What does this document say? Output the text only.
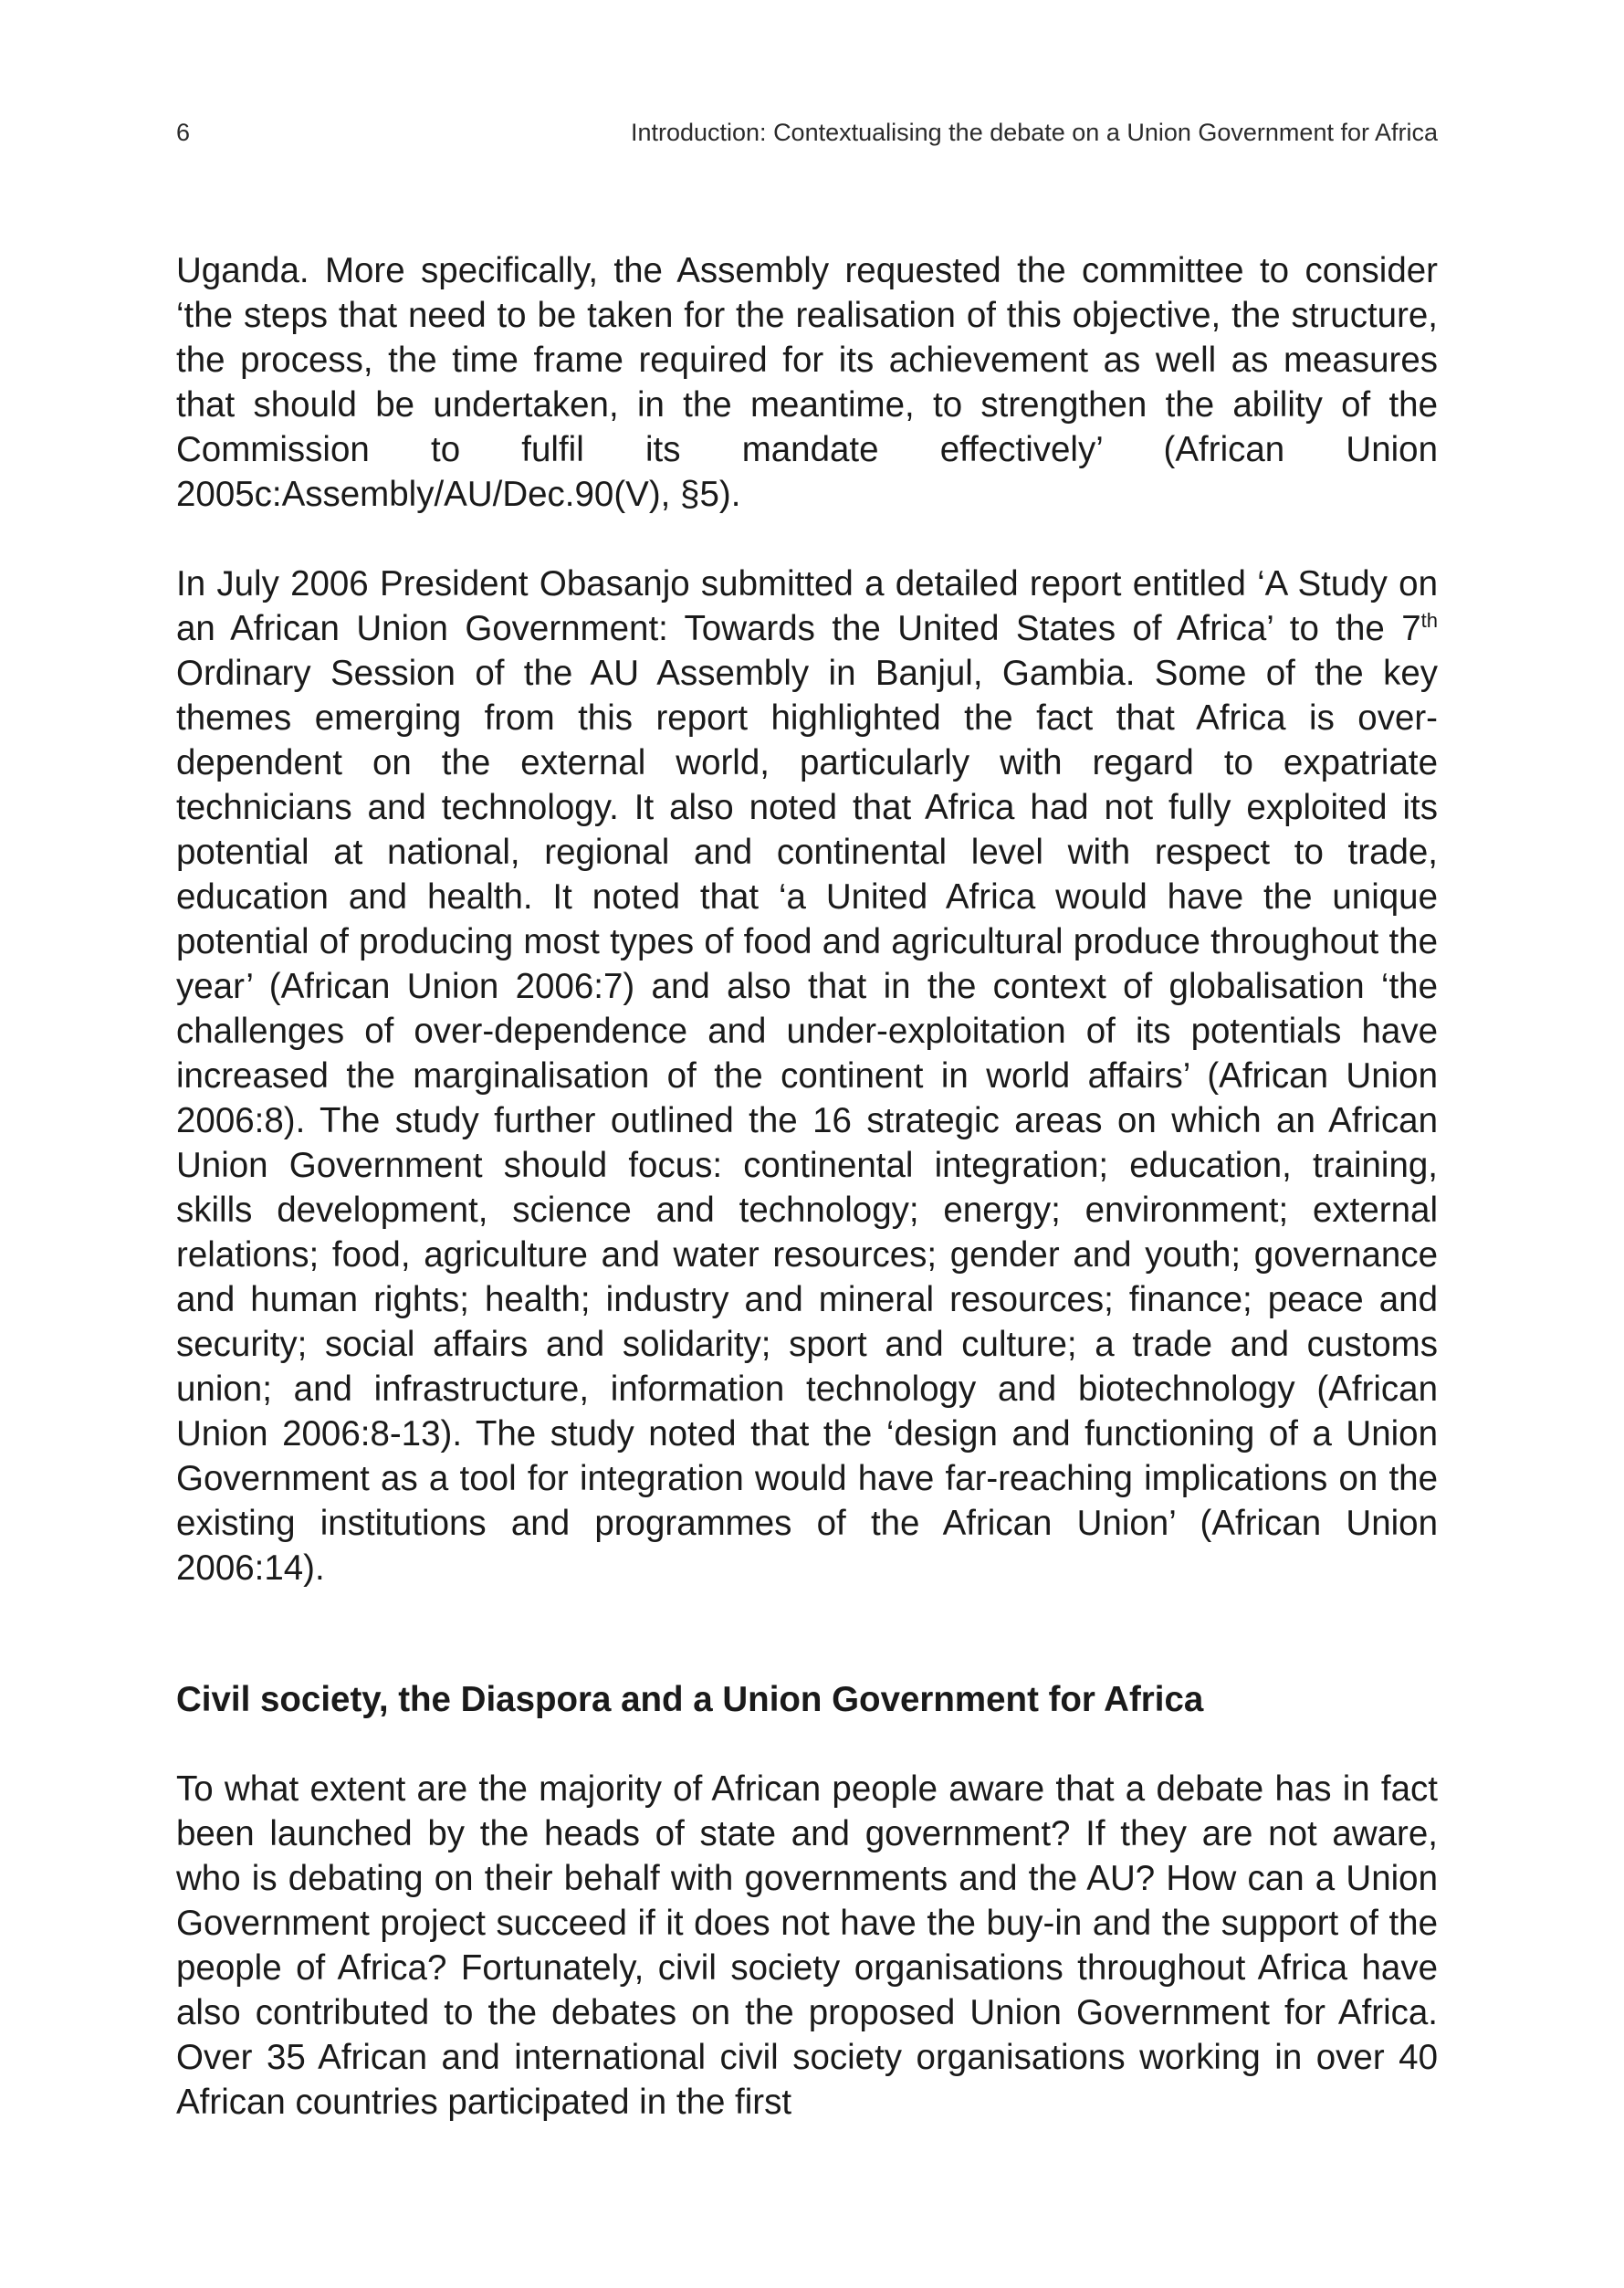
6	Introduction: Contextualising the debate on a Union Government for Africa

Uganda. More specifically, the Assembly requested the committee to consider ‘the steps that need to be taken for the realisation of this objective, the structure, the process, the time frame required for its achievement as well as measures that should be undertaken, in the meantime, to strengthen the ability of the Commission to fulfil its mandate effectively’ (African Union 2005c:Assembly/AU/Dec.90(V), §5).

In July 2006 President Obasanjo submitted a detailed report entitled ‘A Study on an African Union Government: Towards the United States of Africa’ to the 7th Ordinary Session of the AU Assembly in Banjul, Gambia. Some of the key themes emerging from this report highlighted the fact that Africa is over-dependent on the external world, particularly with regard to expatriate technicians and technology. It also noted that Africa had not fully exploited its potential at national, regional and continental level with respect to trade, education and health. It noted that ‘a United Africa would have the unique potential of producing most types of food and agricultural produce throughout the year’ (African Union 2006:7) and also that in the context of globalisation ‘the challenges of over-dependence and under-exploitation of its potentials have increased the marginalisation of the continent in world affairs’ (African Union 2006:8). The study further outlined the 16 strategic areas on which an African Union Government should focus: continental integration; education, training, skills development, science and technology; energy; environment; external relations; food, agriculture and water resources; gender and youth; governance and human rights; health; industry and mineral resources; finance; peace and security; social affairs and solidarity; sport and culture; a trade and customs union; and infrastructure, information technology and biotechnology (African Union 2006:8-13). The study noted that the ‘design and functioning of a Union Government as a tool for integration would have far-reaching implications on the existing institutions and programmes of the African Union’ (African Union 2006:14).

Civil society, the Diaspora and a Union Government for Africa

To what extent are the majority of African people aware that a debate has in fact been launched by the heads of state and government? If they are not aware, who is debating on their behalf with governments and the AU? How can a Union Government project succeed if it does not have the buy-in and the support of the people of Africa? Fortunately, civil society organisations throughout Africa have also contributed to the debates on the proposed Union Government for Africa. Over 35 African and international civil society organisations working in over 40 African countries participated in the first
